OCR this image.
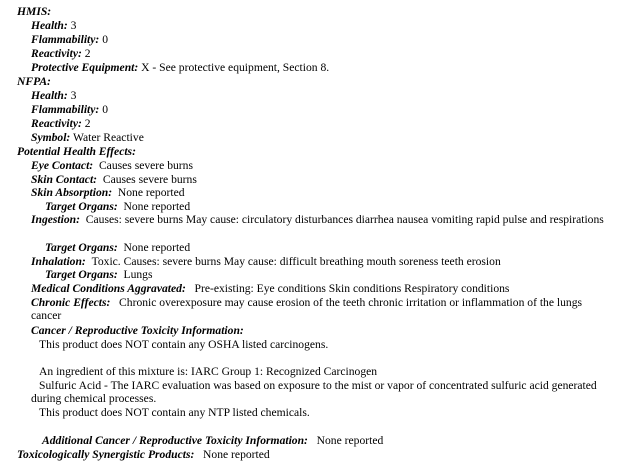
HMIS:
Health: 3
Flammability: 0
Reactivity: 2
Protective Equipment: X - See protective equipment, Section 8.
NFPA:
Health: 3
Flammability: 0
Reactivity: 2
Symbol: Water Reactive
Potential Health Effects:
Eye Contact: Causes severe burns
Skin Contact: Causes severe burns
Skin Absorption: None reported
Target Organs: None reported
Ingestion: Causes: severe burns May cause: circulatory disturbances diarrhea nausea vomiting rapid pulse and respirations
Target Organs: None reported
Inhalation: Toxic. Causes: severe burns May cause: difficult breathing mouth soreness teeth erosion
Target Organs: Lungs
Medical Conditions Aggravated: Pre-existing: Eye conditions Skin conditions Respiratory conditions
Chronic Effects: Chronic overexposure may cause erosion of the teeth chronic irritation or inflammation of the lungs cancer
Cancer / Reproductive Toxicity Information:
This product does NOT contain any OSHA listed carcinogens.
An ingredient of this mixture is: IARC Group 1: Recognized Carcinogen
Sulfuric Acid - The IARC evaluation was based on exposure to the mist or vapor of concentrated sulfuric acid generated during chemical processes.
This product does NOT contain any NTP listed chemicals.
Additional Cancer / Reproductive Toxicity Information: None reported
Toxicologically Synergistic Products: None reported
